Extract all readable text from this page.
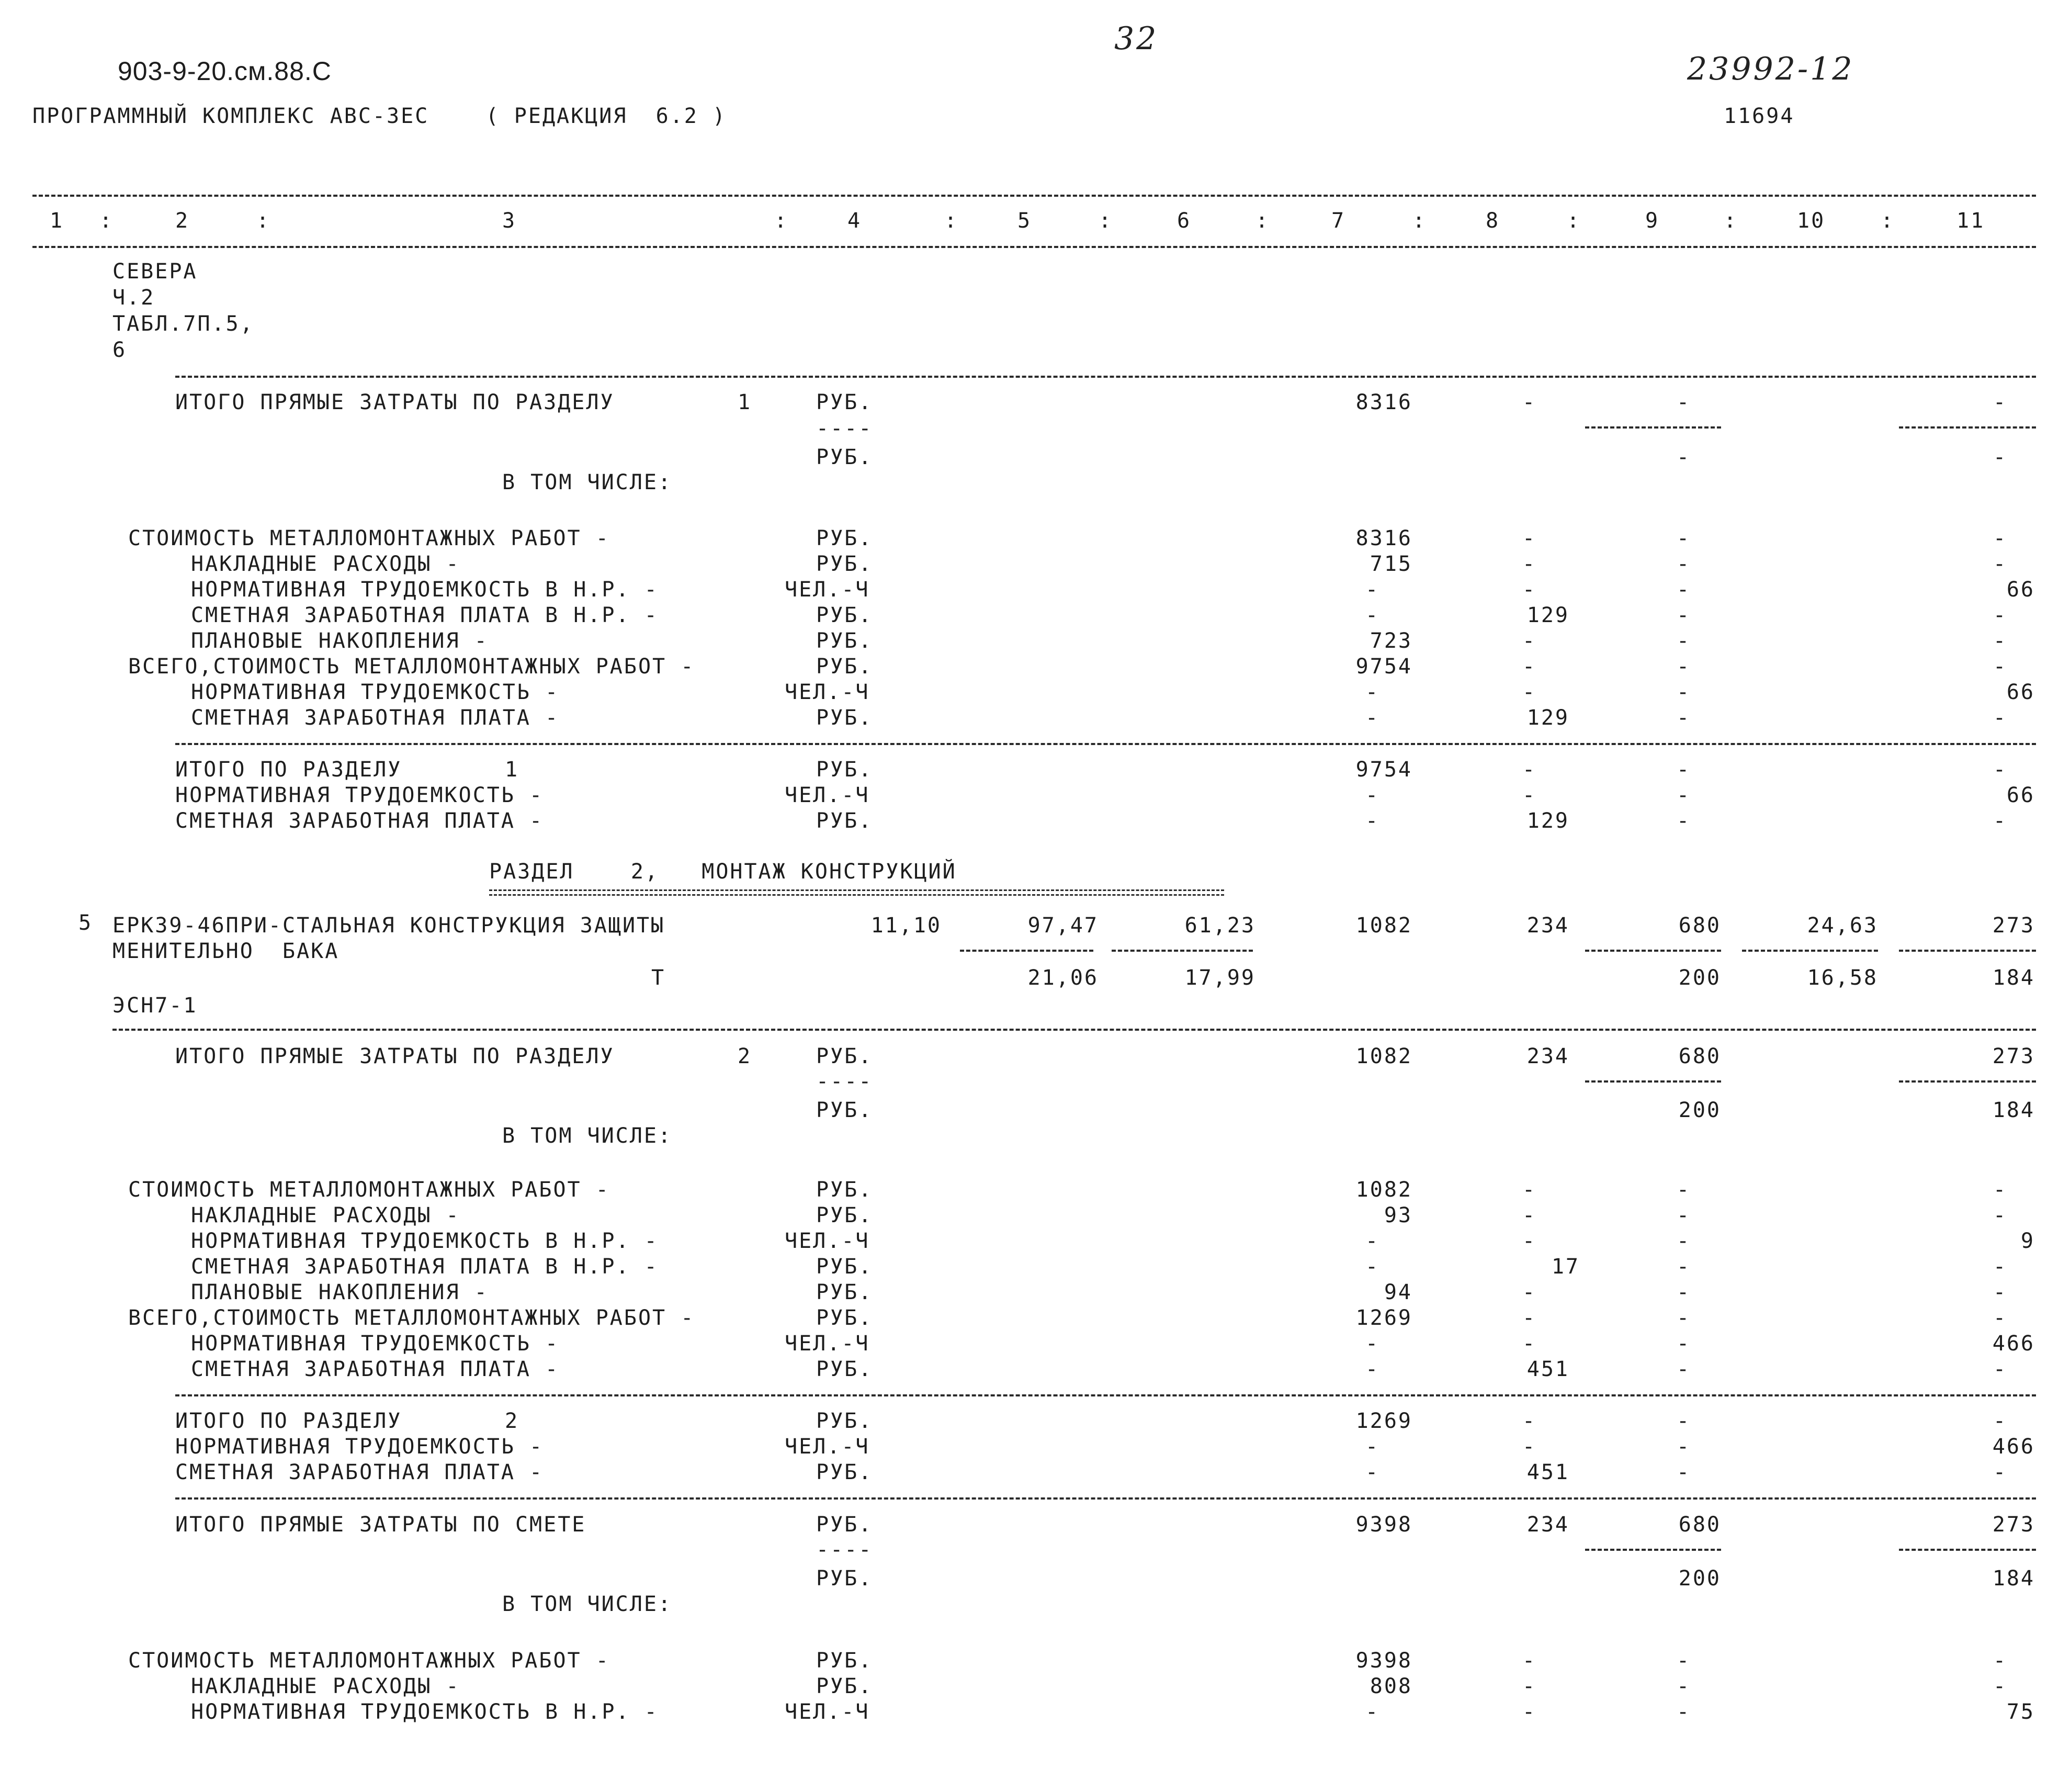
32
903-9-20.см.88.С	23992-12
ПРОГРАММНЫЙ КОМПЛЕКС АВС-3ЕС    ( РЕДАКЦИЯ  6.2 )	11694
1	2	3	4	5	6	7	8	9	10	11
:	:	:	:	:	:	:	:	:	:
СЕВЕРА
Ч.2
ТАБЛ.7П.5,
6
ИТОГО ПРЯМЫЕ ЗАТРАТЫ ПО РАЗДЕЛУ	1	РУБ.	8316	-	-	-
----
РУБ.	-	-
В ТОМ ЧИСЛЕ:
СТОИМОСТЬ МЕТАЛЛОМОНТАЖНЫХ РАБОТ -	РУБ.	8316	-	-	-
НАКЛАДНЫЕ РАСХОДЫ -	РУБ.	715	-	-	-
НОРМАТИВНАЯ ТРУДОЕМКОСТЬ В Н.Р. -	ЧЕЛ.-Ч	-	-	-	66
СМЕТНАЯ ЗАРАБОТНАЯ ПЛАТА В Н.Р. -	РУБ.	-	129	-	-
ПЛАНОВЫЕ НАКОПЛЕНИЯ -	РУБ.	723	-	-	-
ВСЕГО,СТОИМОСТЬ МЕТАЛЛОМОНТАЖНЫХ РАБОТ -	РУБ.	9754	-	-	-
НОРМАТИВНАЯ ТРУДОЕМКОСТЬ -	ЧЕЛ.-Ч	-	-	-	66
СМЕТНАЯ ЗАРАБОТНАЯ ПЛАТА -	РУБ.	-	129	-	-
ИТОГО ПО РАЗДЕЛУ	1	РУБ.	9754	-	-	-
НОРМАТИВНАЯ ТРУДОЕМКОСТЬ -	ЧЕЛ.-Ч	-	-	-	66
СМЕТНАЯ ЗАРАБОТНАЯ ПЛАТА -	РУБ.	-	129	-	-
РАЗДЕЛ    2,   МОНТАЖ КОНСТРУКЦИЙ
5 ЕРКЗ9-46ПРИ-СТАЛЬНАЯ КОНСТРУКЦИЯ ЗАЩИТЫ	11,10	97,47	61,23	1082	234	680	24,63	273
МЕНИТЕЛЬНО  БАКА
Т	21,06	17,99	200	16,58	184
ЭСН7-1
ИТОГО ПРЯМЫЕ ЗАТРАТЫ ПО РАЗДЕЛУ	2	РУБ.	1082	234	680	273
----
РУБ.	200	184
В ТОМ ЧИСЛЕ:
СТОИМОСТЬ МЕТАЛЛОМОНТАЖНЫХ РАБОТ -	РУБ.	1082	-	-	-
НАКЛАДНЫЕ РАСХОДЫ -	РУБ.	93	-	-	-
НОРМАТИВНАЯ ТРУДОЕМКОСТЬ В Н.Р. -	ЧЕЛ.-Ч	-	-	-	9
СМЕТНАЯ ЗАРАБОТНАЯ ПЛАТА В Н.Р. -	РУБ.	-	17	-	-
ПЛАНОВЫЕ НАКОПЛЕНИЯ -	РУБ.	94	-	-	-
ВСЕГО,СТОИМОСТЬ МЕТАЛЛОМОНТАЖНЫХ РАБОТ -	РУБ.	1269	-	-	-
НОРМАТИВНАЯ ТРУДОЕМКОСТЬ -	ЧЕЛ.-Ч	-	-	-	466
СМЕТНАЯ ЗАРАБОТНАЯ ПЛАТА -	РУБ.	-	451	-	-
ИТОГО ПО РАЗДЕЛУ	2	РУБ.	1269	-	-	-
НОРМАТИВНАЯ ТРУДОЕМКОСТЬ -	ЧЕЛ.-Ч	-	-	-	466
СМЕТНАЯ ЗАРАБОТНАЯ ПЛАТА -	РУБ.	-	451	-	-
ИТОГО ПРЯМЫЕ ЗАТРАТЫ ПО СМЕТЕ	РУБ.	9398	234	680	273
----
РУБ.	200	184
В ТОМ ЧИСЛЕ:
СТОИМОСТЬ МЕТАЛЛОМОНТАЖНЫХ РАБОТ -	РУБ.	9398	-	-	-
НАКЛАДНЫЕ РАСХОДЫ -	РУБ.	808	-	-	-
НОРМАТИВНАЯ ТРУДОЕМКОСТЬ В Н.Р. -	ЧЕЛ.-Ч	-	-	-	75
